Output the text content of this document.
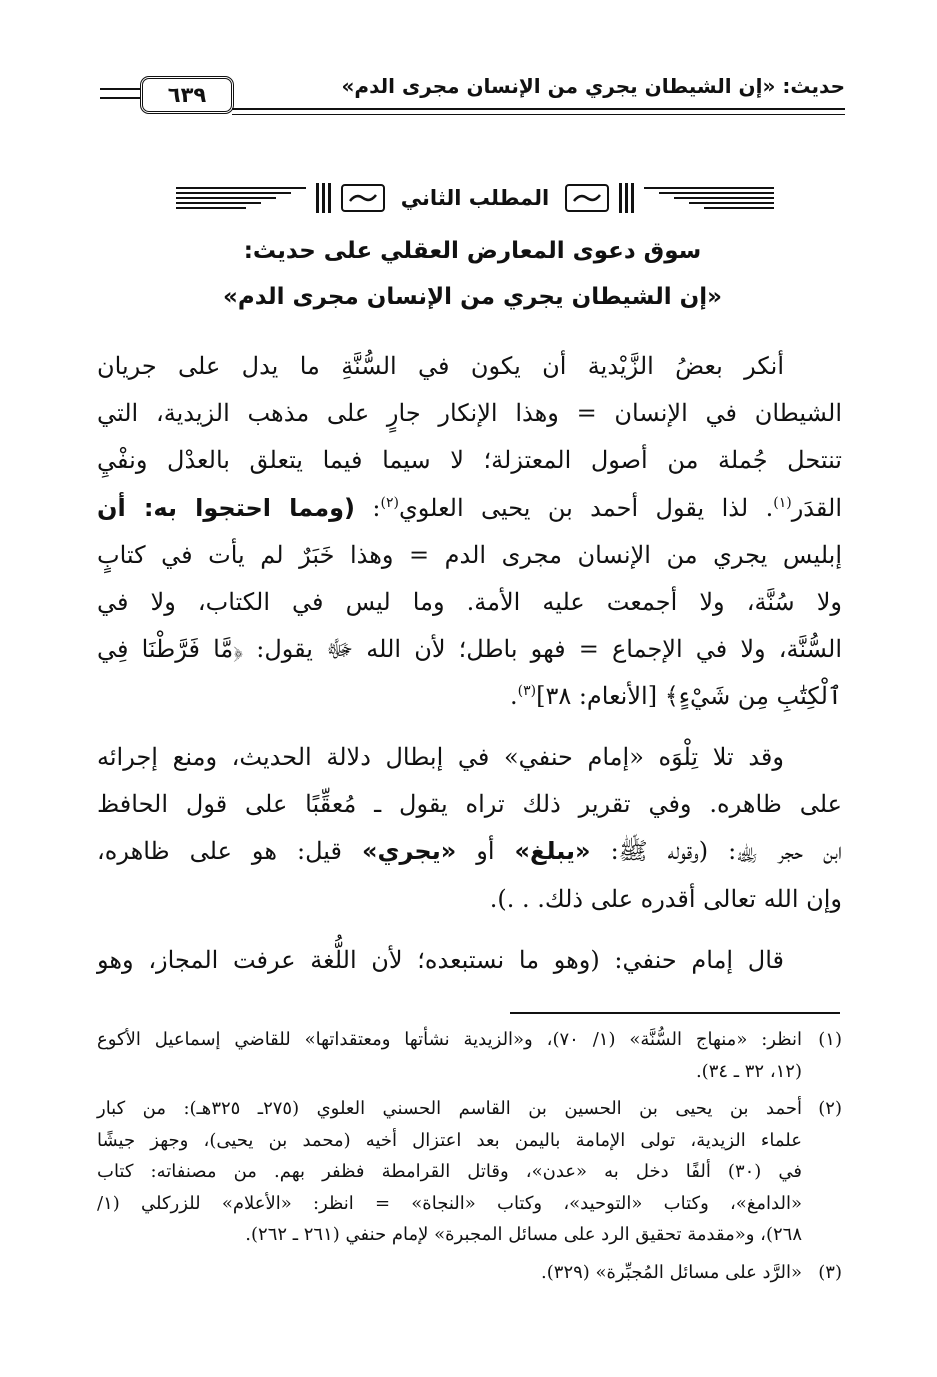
حديث: «إن الشيطان يجري من الإنسان مجرى الدم»
٦٣٩
المطلب الثاني
سوق دعوى المعارض العقلي على حديث:
«إن الشيطان يجري من الإنسان مجرى الدم»
أنكر بعضُ الزَّيْدية أن يكون في السُّنَّةِ ما يدل على جريان
الشيطان في الإنسان = وهذا الإنكار جارٍ على مذهب الزيدية، التي
تنتحل جُملة من أصول المعتزلة؛ لا سيما فيما يتعلق بالعدْل ونفْيِ
القدَر$^{(١)}$. لذا يقول أحمد بن يحيى العلوي$^{(٢)}$: (ومما احتجوا به: أن
إبليس يجري من الإنسان مجرى الدم = وهذا خَبَرٌ لم يأت في كتابٍ
ولا سُنَّة، ولا أجمعت عليه الأمة. وما ليس في الكتاب، ولا في
السُّنَّة، ولا في الإجماع = فهو باطل؛ لأن الله ﷻ يقول: ﴿مَّا فَرَّطْنَا فِي
ٱلْكِتَٰبِ مِن شَيْءٍ﴾ [الأنعام: ٣٨]$^{(٣)}$.
وقد تلا تِلْوَه «إمام حنفي» في إبطال دلالة الحديث، ومنع إجرائه
على ظاهره. وفي تقرير ذلك تراه يقول ـ مُعقِّبًا على قول الحافظ
ابن حجر ﵀: (وقوله ﷺ: «يبلغ» أو «يجري» قيل: هو على ظاهره،
وإن الله تعالى أقدره على ذلك. . .).
قال إمام حنفي: (وهو ما نستبعده؛ لأن اللُّغة عرفت المجاز، وهو
(١)
انظر: «منهاج السُّنَّة» (١/ ٧٠)، و«الزيدية نشأتها ومعتقداتها» للقاضي إسماعيل الأكوع
(١٢، ٣٢ ـ ٣٤).
(٢)
أحمد بن يحيى بن الحسين بن القاسم الحسني العلوي (٢٧٥ـ ٣٢٥هـ): من كبار
علماء الزيدية، تولى الإمامة باليمن بعد اعتزال أخيه (محمد بن يحيى)، وجهز جيشًا
في (٣٠) ألفًا دخل به «عدن»، وقاتل القرامطة فظفر بهم. من مصنفاته: كتاب
«الدامغ»، وكتاب «التوحيد»، وكتاب «النجاة» = انظر: «الأعلام» للزركلي (١/
٢٦٨)، و«مقدمة تحقيق الرد على مسائل المجبرة» لإمام حنفي (٢٦١ ـ ٢٦٢).
(٣)
«الرَّد على مسائل المُجبِّرة» (٣٢٩).
